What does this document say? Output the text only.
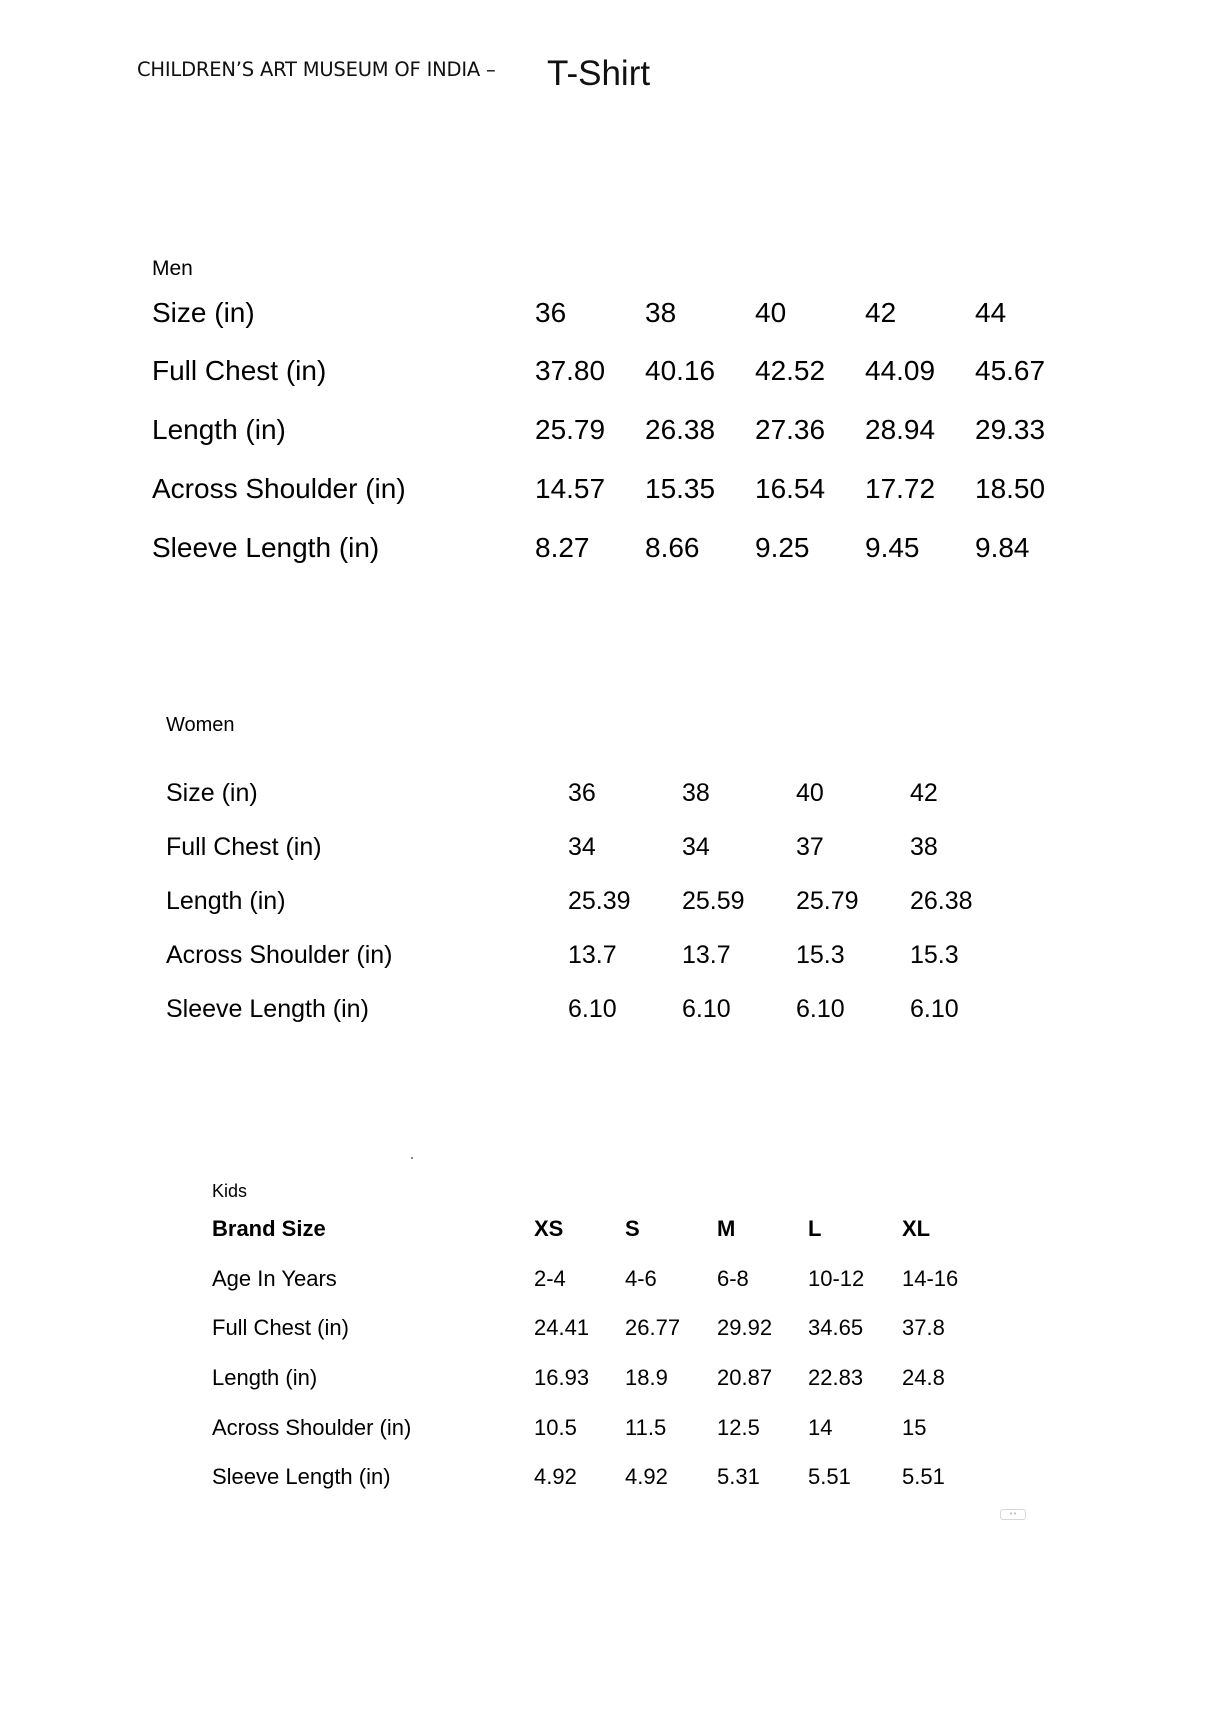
CHILDREN’S ART MUSEUM OF INDIA – T-Shirt
Men
Size (in)	36	38	40	42	44
Full Chest (in)	37.80 40.16 42.52 44.09 45.67
Length (in)	25.79 26.38 27.36 28.94 29.33
Across Shoulder (in)	14.57 15.35 16.54 17.72 18.50
Sleeve Length (in)	8.27 8.66 9.25 9.45 9.84
Women
Size (in)	36	38	40	42
Full Chest (in)	34	34	37	38
Length (in)	25.39 25.59 25.79 26.38
Across Shoulder (in)	13.7	13.7	15.3	15.3
Sleeve Length (in)	6.10	6.10	6.10	6.10
Kids
Brand Size	XS	S	M	L	XL
Age In Years	2-4	4-6	6-8	10-12 14-16
Full Chest (in)	24.41 26.77 29.92 34.65 37.8
Length (in)	16.93 18.9 20.87 22.83 24.8
Across Shoulder (in)	10.5 11.5 12.5 14	15
Sleeve Length (in)	4.92 4.92 5.31 5.51 5.51
••
